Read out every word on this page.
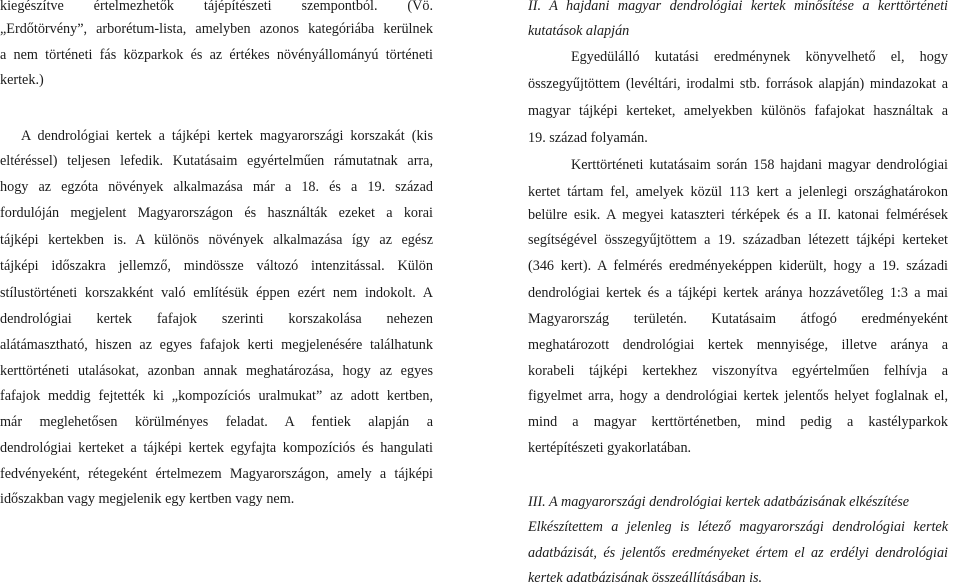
kiegészítve értelmezhetők tájépítészeti szempontból. (Vö.
„Erdőtörvény”, arborétum-lista, amelyben azonos kategóriába kerülnek
a nem történeti fás közparkok és az értékes növényállományú történeti
kertek.)
A dendrológiai kertek a tájképi kertek magyarországi korszakát (kis
eltéréssel) teljesen lefedik. Kutatásaim egyértelműen rámutatnak arra,
hogy az egzóta növények alkalmazása már a 18. és a 19. század
fordulóján megjelent Magyarországon és használták ezeket a korai
tájképi kertekben is. A különös növények alkalmazása így az egész
tájképi időszakra jellemző, mindössze változó intenzitással. Külön
stílustörténeti korszakként való említésük éppen ezért nem indokolt. A
dendrológiai kertek fafajok szerinti korszakolása nehezen
alátámasztható, hiszen az egyes fafajok kerti megjelenésére találhatunk
kerttörténeti utalásokat, azonban annak meghatározása, hogy az egyes
fafajok meddig fejtették ki „kompozíciós uralmukat” az adott kertben,
már meglehetősen körülményes feladat. A fentiek alapján a
dendrológiai kerteket a tájképi kertek egyfajta kompozíciós és hangulati
fedvényeként, rétegeként értelmezem Magyarországon, amely a tájképi
időszakban vagy megjelenik egy kertben vagy nem.
II. A hajdani magyar dendrológiai kertek minősítése a kerttörténeti
kutatások alapján
Egyedülálló kutatási eredménynek könyvelhető el, hogy
összegyűjtöttem (levéltári, irodalmi stb. források alapján) mindazokat a
magyar tájképi kerteket, amelyekben különös fafajokat használtak a
19. század folyamán.
Kerttörténeti kutatásaim során 158 hajdani magyar dendrológiai
kertet tártam fel, amelyek közül 113 kert a jelenlegi országhatárokon
belülre esik. A megyei kataszteri térképek és a II. katonai felmérések
segítségével összegyűjtöttem a 19. században létezett tájképi kerteket
(346 kert). A felmérés eredményeképpen kiderült, hogy a 19. századi
dendrológiai kertek és a tájképi kertek aránya hozzávetőleg 1:3 a mai
Magyarország területén. Kutatásaim átfogó eredményeként
meghatározott dendrológiai kertek mennyisége, illetve aránya a
korabeli tájképi kertekhez viszonyítva egyértelműen felhívja a
figyelmet arra, hogy a dendrológiai kertek jelentős helyet foglalnak el,
mind a magyar kerttörténetben, mind pedig a kastélyparkok
kertépítészeti gyakorlatában.
III. A magyarországi dendrológiai kertek adatbázisának elkészítése
Elkészítettem a jelenleg is létező magyarországi dendrológiai kertek
adatbázisát, és jelentős eredményeket értem el az erdélyi dendrológiai
kertek adatbázisának összeállításában is.
